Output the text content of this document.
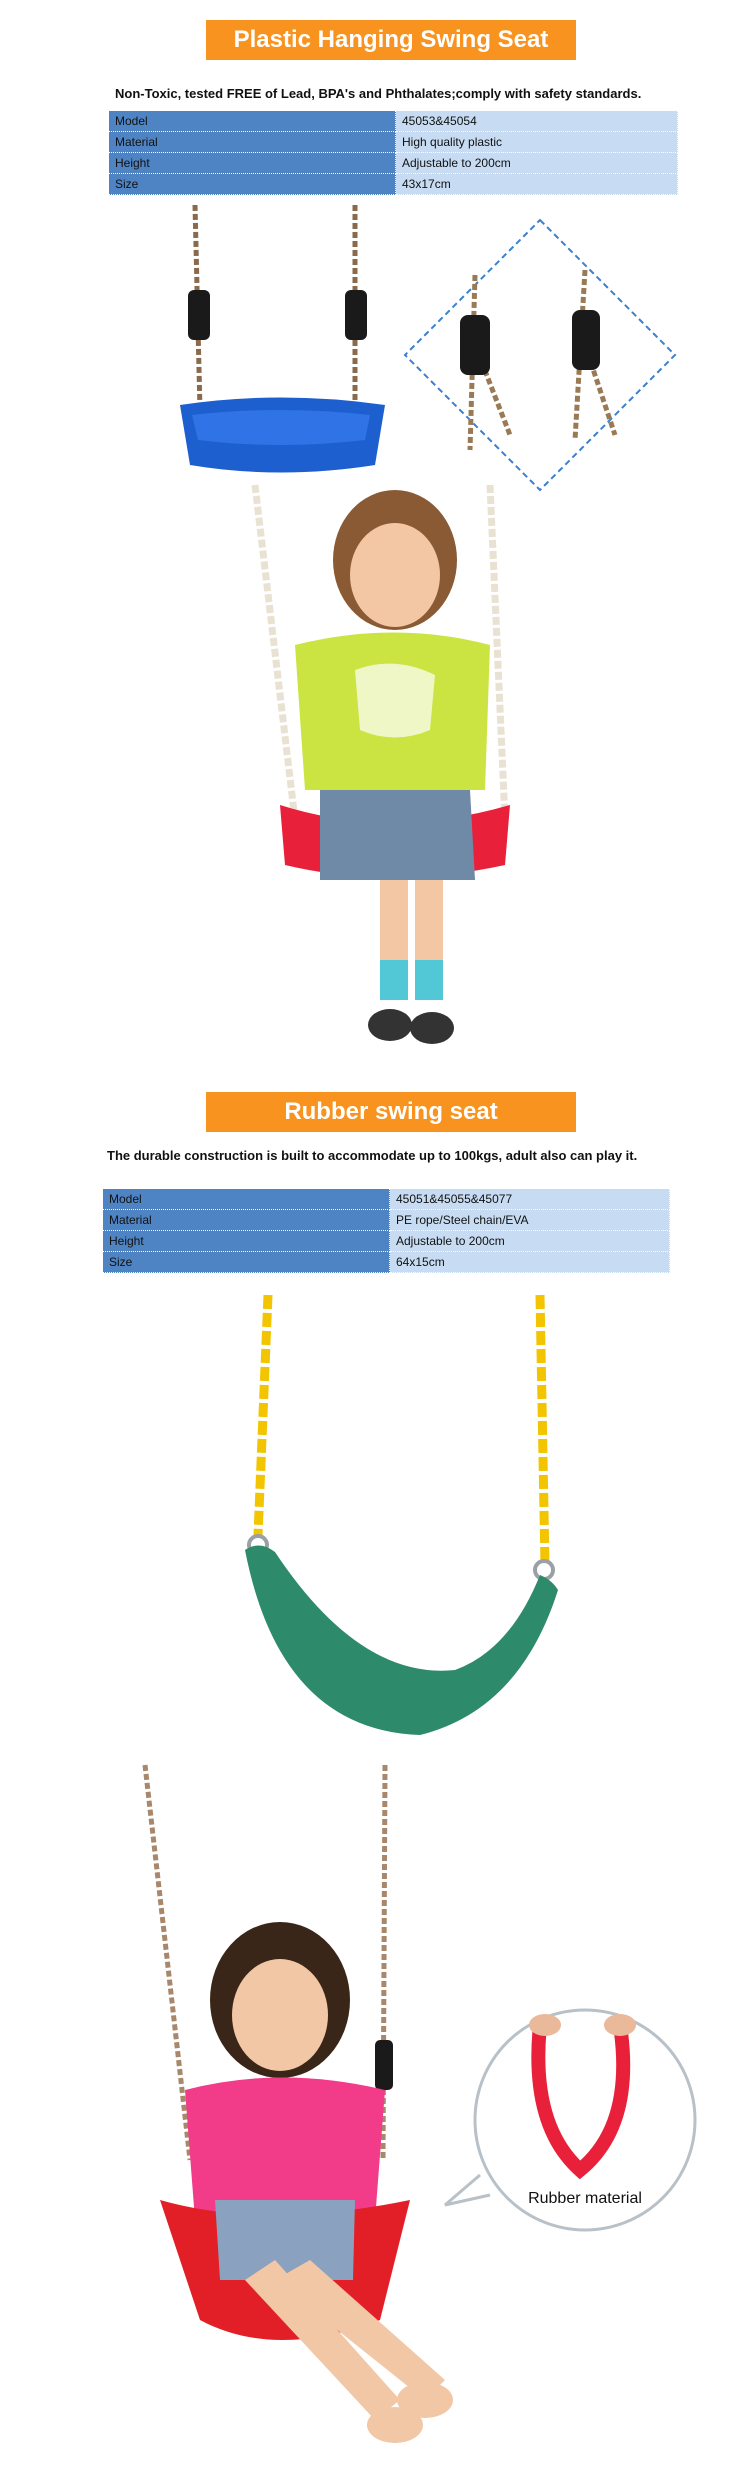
Plastic Hanging Swing Seat
Non-Toxic, tested FREE of Lead, BPA's and Phthalates;comply with safety standards.
Model	45053&45054
Material	High quality plastic
Height	Adjustable to 200cm
Size	43x17cm
Rubber swing seat
The durable construction is built to accommodate up to 100kgs, adult also can play it.
Model	45051&45055&45077
Material	PE rope/Steel chain/EVA
Height	Adjustable to 200cm
Size	64x15cm
Rubber material
